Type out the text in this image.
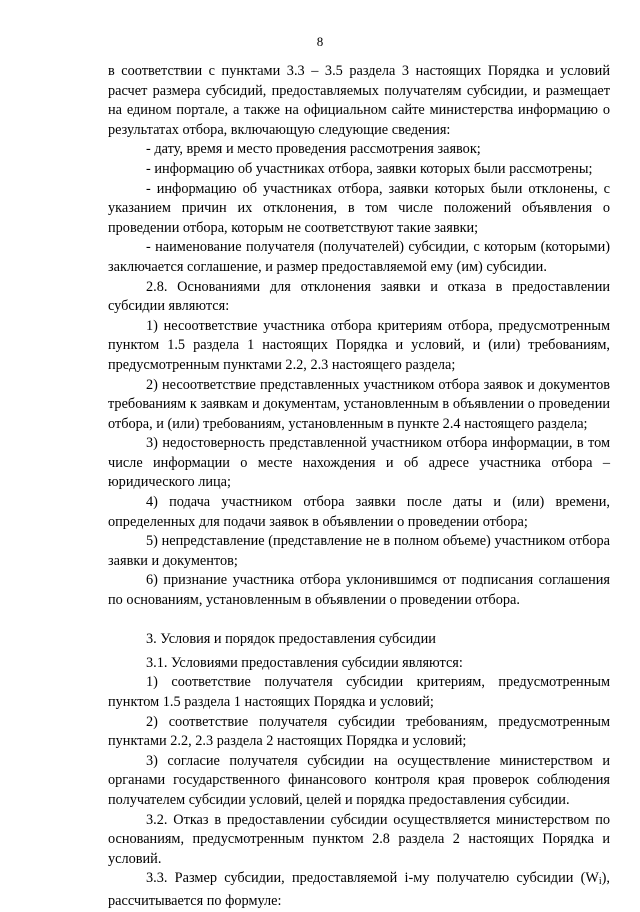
8

в соответствии с пунктами 3.3 – 3.5 раздела 3 настоящих Порядка и условий расчет размера субсидий, предоставляемых получателям субсидии, и размещает на едином портале, а также на официальном сайте министерства информацию о результатах отбора, включающую следующие сведения:

- дату, время и место проведения рассмотрения заявок;

- информацию об участниках отбора, заявки которых были рассмотрены;

- информацию об участниках отбора, заявки которых были отклонены, с указанием причин их отклонения, в том числе положений объявления о проведении отбора, которым не соответствуют такие заявки;

- наименование получателя (получателей) субсидии, с которым (которыми) заключается соглашение, и размер предоставляемой ему (им) субсидии.

2.8. Основаниями для отклонения заявки и отказа в предоставлении субсидии являются:

1) несоответствие участника отбора критериям отбора, предусмотренным пунктом 1.5 раздела 1 настоящих Порядка и условий, и (или) требованиям, предусмотренным пунктами 2.2, 2.3 настоящего раздела;

2) несоответствие представленных участником отбора заявок и документов требованиям к заявкам и документам, установленным в объявлении о проведении отбора, и (или) требованиям, установленным в пункте 2.4 настоящего раздела;

3) недостоверность представленной участником отбора информации, в том числе информации о месте нахождения и об адресе участника отбора – юридического лица;

4) подача участником отбора заявки после даты и (или) времени, определенных для подачи заявок в объявлении о проведении отбора;

5) непредставление (представление не в полном объеме) участником отбора заявки и документов;

6) признание участника отбора уклонившимся от подписания соглашения по основаниям, установленным в объявлении о проведении отбора.

3. Условия и порядок предоставления субсидии

3.1. Условиями предоставления субсидии являются:

1) соответствие получателя субсидии критериям, предусмотренным пунктом 1.5 раздела 1 настоящих Порядка и условий;

2) соответствие получателя субсидии требованиям, предусмотренным пунктами 2.2, 2.3 раздела 2 настоящих Порядка и условий;

3) согласие получателя субсидии на осуществление министерством и органами государственного финансового контроля края проверок соблюдения получателем субсидии условий, целей и порядка предоставления субсидии.

3.2. Отказ в предоставлении субсидии осуществляется министерством по основаниям, предусмотренным пунктом 2.8 раздела 2 настоящих Порядка и условий.

3.3. Размер субсидии, предоставляемой i-му получателю субсидии $(W_i)$, рассчитывается по формуле:
